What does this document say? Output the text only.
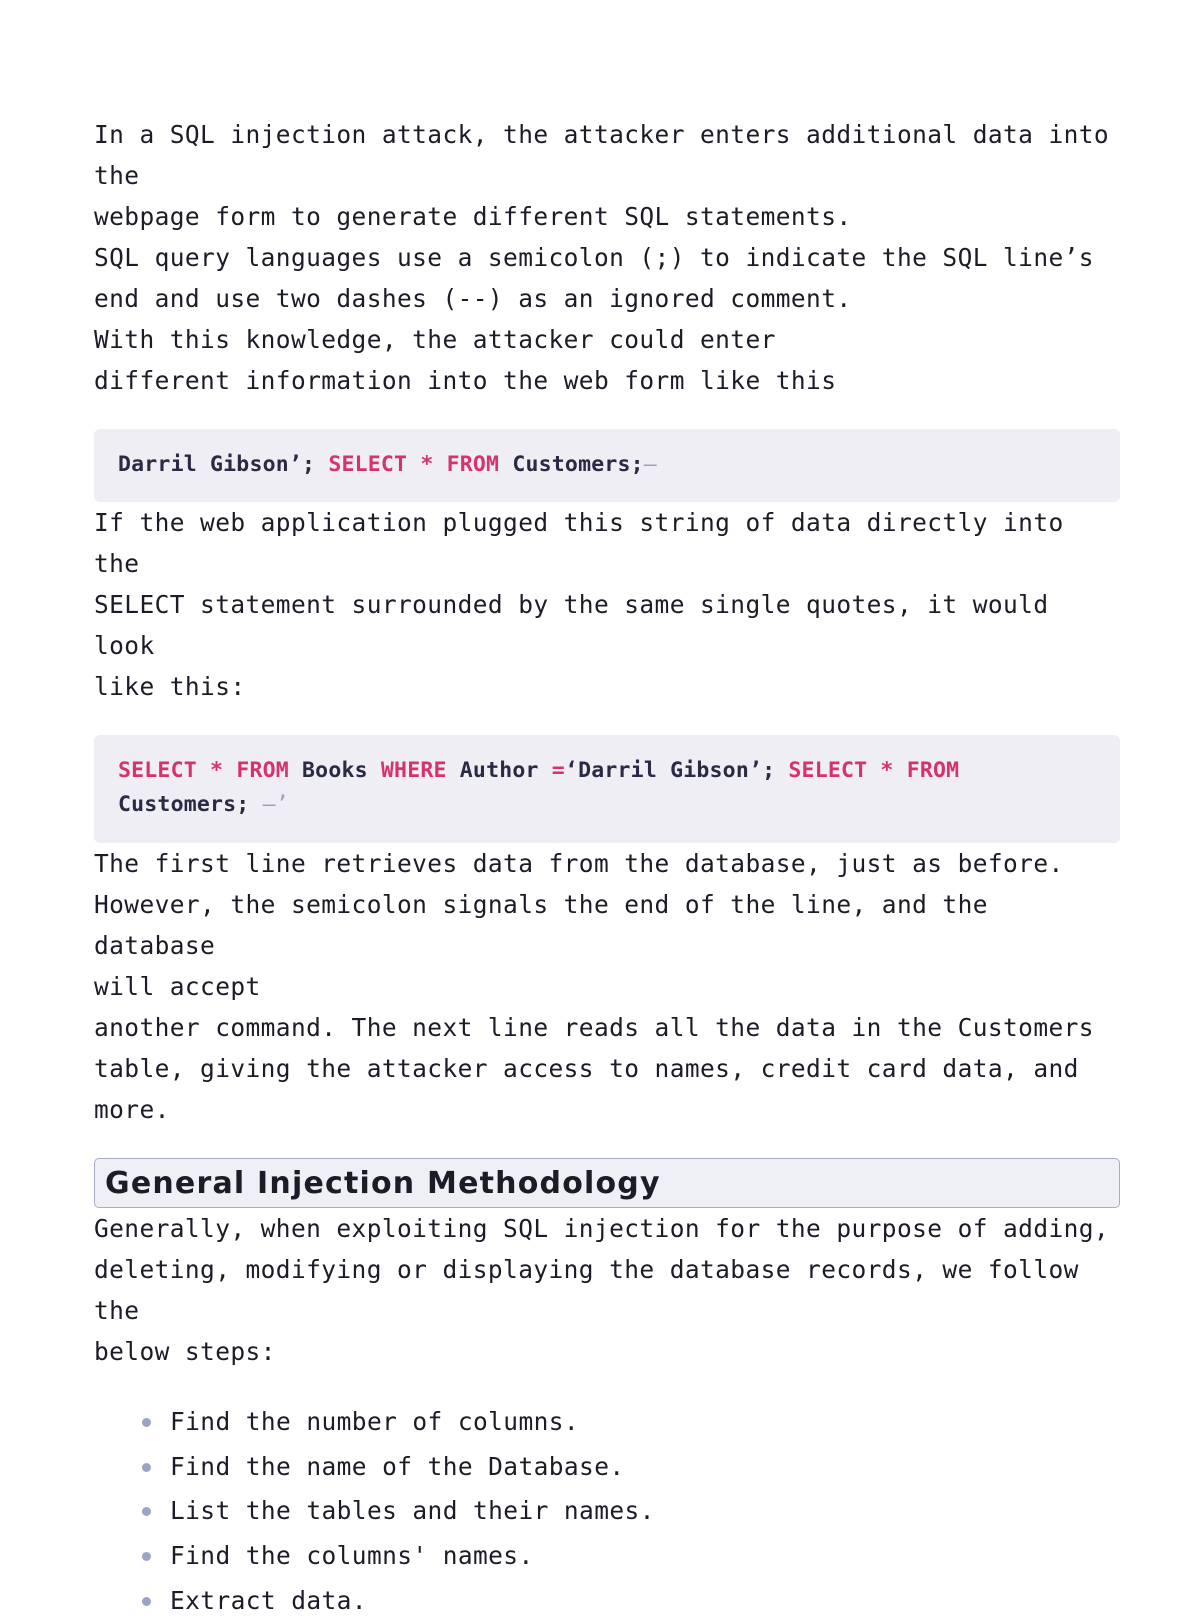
In a SQL injection attack, the attacker enters additional data into the
webpage form to generate different SQL statements.
SQL query languages use a semicolon (;) to indicate the SQL line’s
end and use two dashes (--) as an ignored comment.
With this knowledge, the attacker could enter
different information into the web form like this

Darril Gibson’; SELECT * FROM Customers;—

If the web application plugged this string of data directly into the
SELECT statement surrounded by the same single quotes, it would look
like this:

SELECT * FROM Books WHERE Author =‘Darril Gibson’; SELECT * FROM
Customers; —’

The first line retrieves data from the database, just as before.
However, the semicolon signals the end of the line, and the database
will accept
another command. The next line reads all the data in the Customers
table, giving the attacker access to names, credit card data, and
more.

General Injection Methodology

Generally, when exploiting SQL injection for the purpose of adding,
deleting, modifying or displaying the database records, we follow the
below steps:

Find the number of columns.
Find the name of the Database.
List the tables and their names.
Find the columns' names.
Extract data.
